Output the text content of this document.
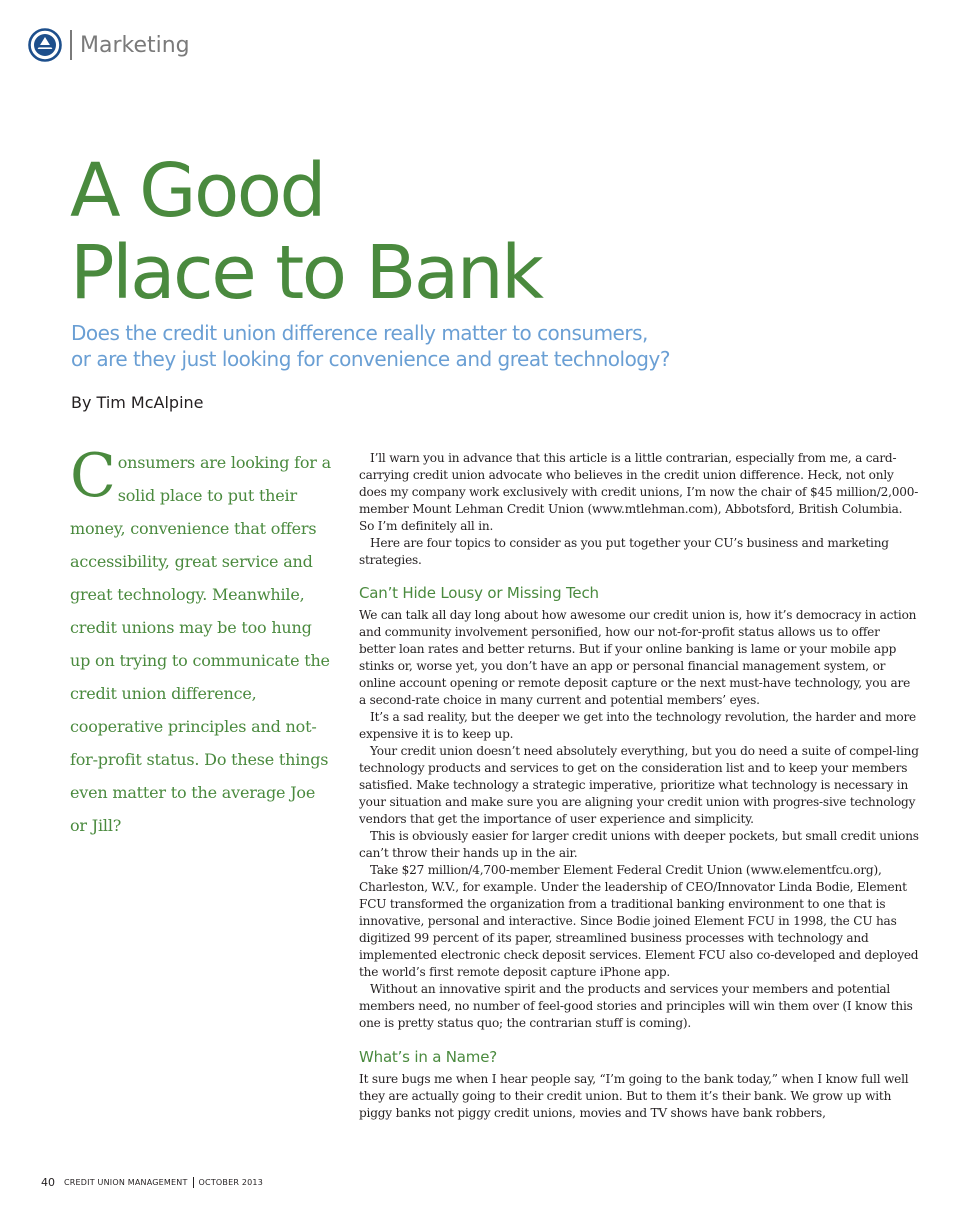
Marketing
A Good
Place to Bank
Does the credit union difference really matter to consumers,
or are they just looking for convenience and great technology?
By Tim McAlpine
Consumers are looking for a solid place to put their money, convenience that offers accessibility, great service and great technology. Meanwhile, credit unions may be too hung up on trying to communicate the credit union difference, cooperative principles and not-for-profit status. Do these things even matter to the average Joe or Jill?

I’ll warn you in advance that this article is a little contrarian, especially from me, a card-carrying credit union advocate who believes in the credit union difference. Heck, not only does my company work exclusively with credit unions, I’m now the chair of $45 million/2,000-member Mount Lehman Credit Union (www.mtlehman.com), Abbotsford, British Columbia. So I’m definitely all in.

Here are four topics to consider as you put together your CU’s business and marketing strategies.

Can’t Hide Lousy or Missing Tech

We can talk all day long about how awesome our credit union is, how it’s democracy in action and community involvement personified, how our not-for-profit status allows us to offer better loan rates and better returns. But if your online banking is lame or your mobile app stinks or, worse yet, you don’t have an app or personal financial management system, or online account opening or remote deposit capture or the next must-have technology, you are a second-rate choice in many current and potential members’ eyes.

It’s a sad reality, but the deeper we get into the technology revolution, the harder and more expensive it is to keep up.

Your credit union doesn’t need absolutely everything, but you do need a suite of compel-ling technology products and services to get on the consideration list and to keep your members satisfied. Make technology a strategic imperative, prioritize what technology is necessary in your situation and make sure you are aligning your credit union with progres-sive technology vendors that get the importance of user experience and simplicity.

This is obviously easier for larger credit unions with deeper pockets, but small credit unions can’t throw their hands up in the air.

Take $27 million/4,700-member Element Federal Credit Union (www.elementfcu.org), Charleston, W.V., for example. Under the leadership of CEO/Innovator Linda Bodie, Element FCU transformed the organization from a traditional banking environment to one that is innovative, personal and interactive. Since Bodie joined Element FCU in 1998, the CU has digitized 99 percent of its paper, streamlined business processes with technology and implemented electronic check deposit services. Element FCU also co-developed and deployed the world’s first remote deposit capture iPhone app.

Without an innovative spirit and the products and services your members and potential members need, no number of feel-good stories and principles will win them over (I know this one is pretty status quo; the contrarian stuff is coming).

What’s in a Name?

It sure bugs me when I hear people say, “I’m going to the bank today,” when I know full well they are actually going to their credit union. But to them it’s their bank. We grow up with piggy banks not piggy credit unions, movies and TV shows have bank robbers,

40 CREDIT UNION MANAGEMENT OCTOBER 2013
